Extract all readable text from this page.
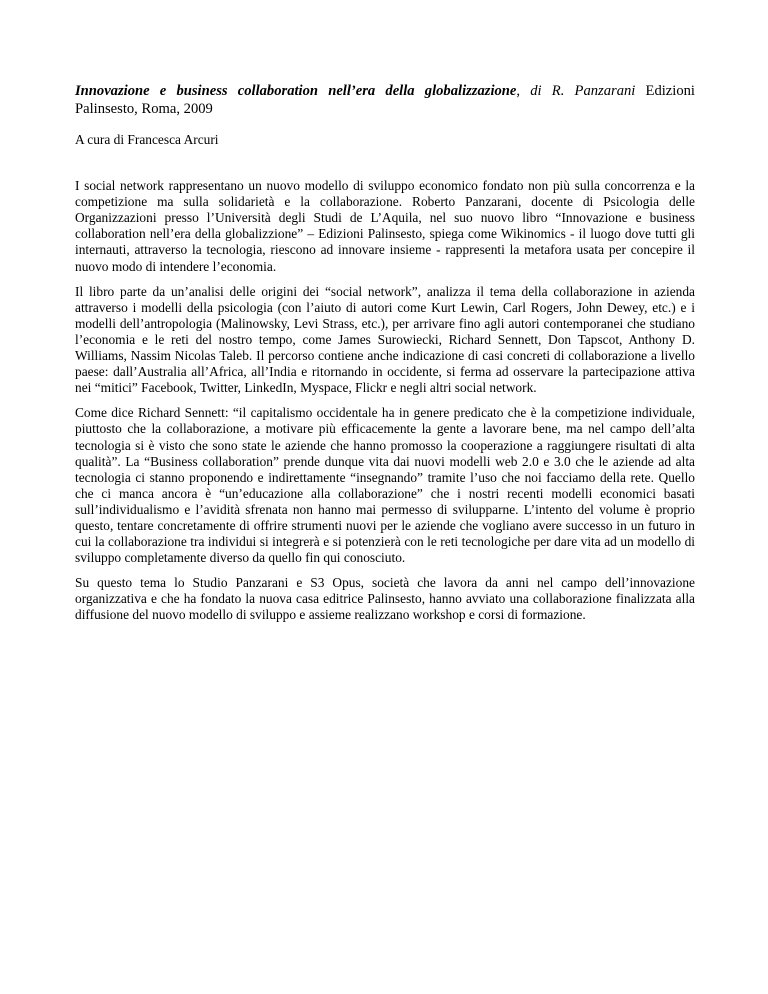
Innovazione e business collaboration nell’era della globalizzazione, di R. Panzarani Edizioni Palinsesto, Roma, 2009

A cura di Francesca Arcuri

I social network rappresentano un nuovo modello di sviluppo economico fondato non più sulla concorrenza e la competizione ma sulla solidarietà e la collaborazione. Roberto Panzarani, docente di Psicologia delle Organizzazioni presso l’Università degli Studi de L’Aquila, nel suo nuovo libro “Innovazione e business collaboration nell’era della globalizzione” – Edizioni Palinsesto, spiega come Wikinomics - il luogo dove tutti gli internauti, attraverso la tecnologia, riescono ad innovare insieme - rappresenti la metafora usata per concepire il nuovo modo di intendere l’economia.

Il libro parte da un’analisi delle origini dei “social network”, analizza il tema della collaborazione in azienda attraverso i modelli della psicologia (con l’aiuto di autori come Kurt Lewin, Carl Rogers, John Dewey, etc.) e i modelli dell’antropologia (Malinowsky, Levi Strass, etc.), per arrivare fino agli autori contemporanei che studiano l’economia e le reti del nostro tempo, come James Surowiecki, Richard Sennett, Don Tapscot, Anthony D. Williams, Nassim Nicolas Taleb. Il percorso contiene anche indicazione di casi concreti di collaborazione a livello paese: dall’Australia all’Africa, all’India e ritornando in occidente, si ferma ad osservare la partecipazione attiva nei “mitici” Facebook, Twitter, LinkedIn, Myspace, Flickr e negli altri social network.

Come dice Richard Sennett: “il capitalismo occidentale ha in genere predicato che è la competizione individuale, piuttosto che la collaborazione, a motivare più efficacemente la gente a lavorare bene, ma nel campo dell’alta tecnologia si è visto che sono state le aziende che hanno promosso la cooperazione a raggiungere risultati di alta qualità”. La “Business collaboration” prende dunque vita dai nuovi modelli web 2.0 e 3.0 che le aziende ad alta tecnologia ci stanno proponendo e indirettamente “insegnando” tramite l’uso che noi facciamo della rete. Quello che ci manca ancora è “un’educazione alla collaborazione” che i nostri recenti modelli economici basati sull’individualismo e l’avidità sfrenata non hanno mai permesso di svilupparne. L’intento del volume è proprio questo, tentare concretamente di offrire strumenti nuovi per le aziende che vogliano avere successo in un futuro in cui la collaborazione tra individui si integrerà e si potenzierà con le reti tecnologiche per dare vita ad un modello di sviluppo completamente diverso da quello fin qui conosciuto.

Su questo tema lo Studio Panzarani e S3 Opus, società che lavora da anni nel campo dell’innovazione organizzativa e che ha fondato la nuova casa editrice Palinsesto, hanno avviato una collaborazione finalizzata alla diffusione del nuovo modello di sviluppo e assieme realizzano workshop e corsi di formazione.
